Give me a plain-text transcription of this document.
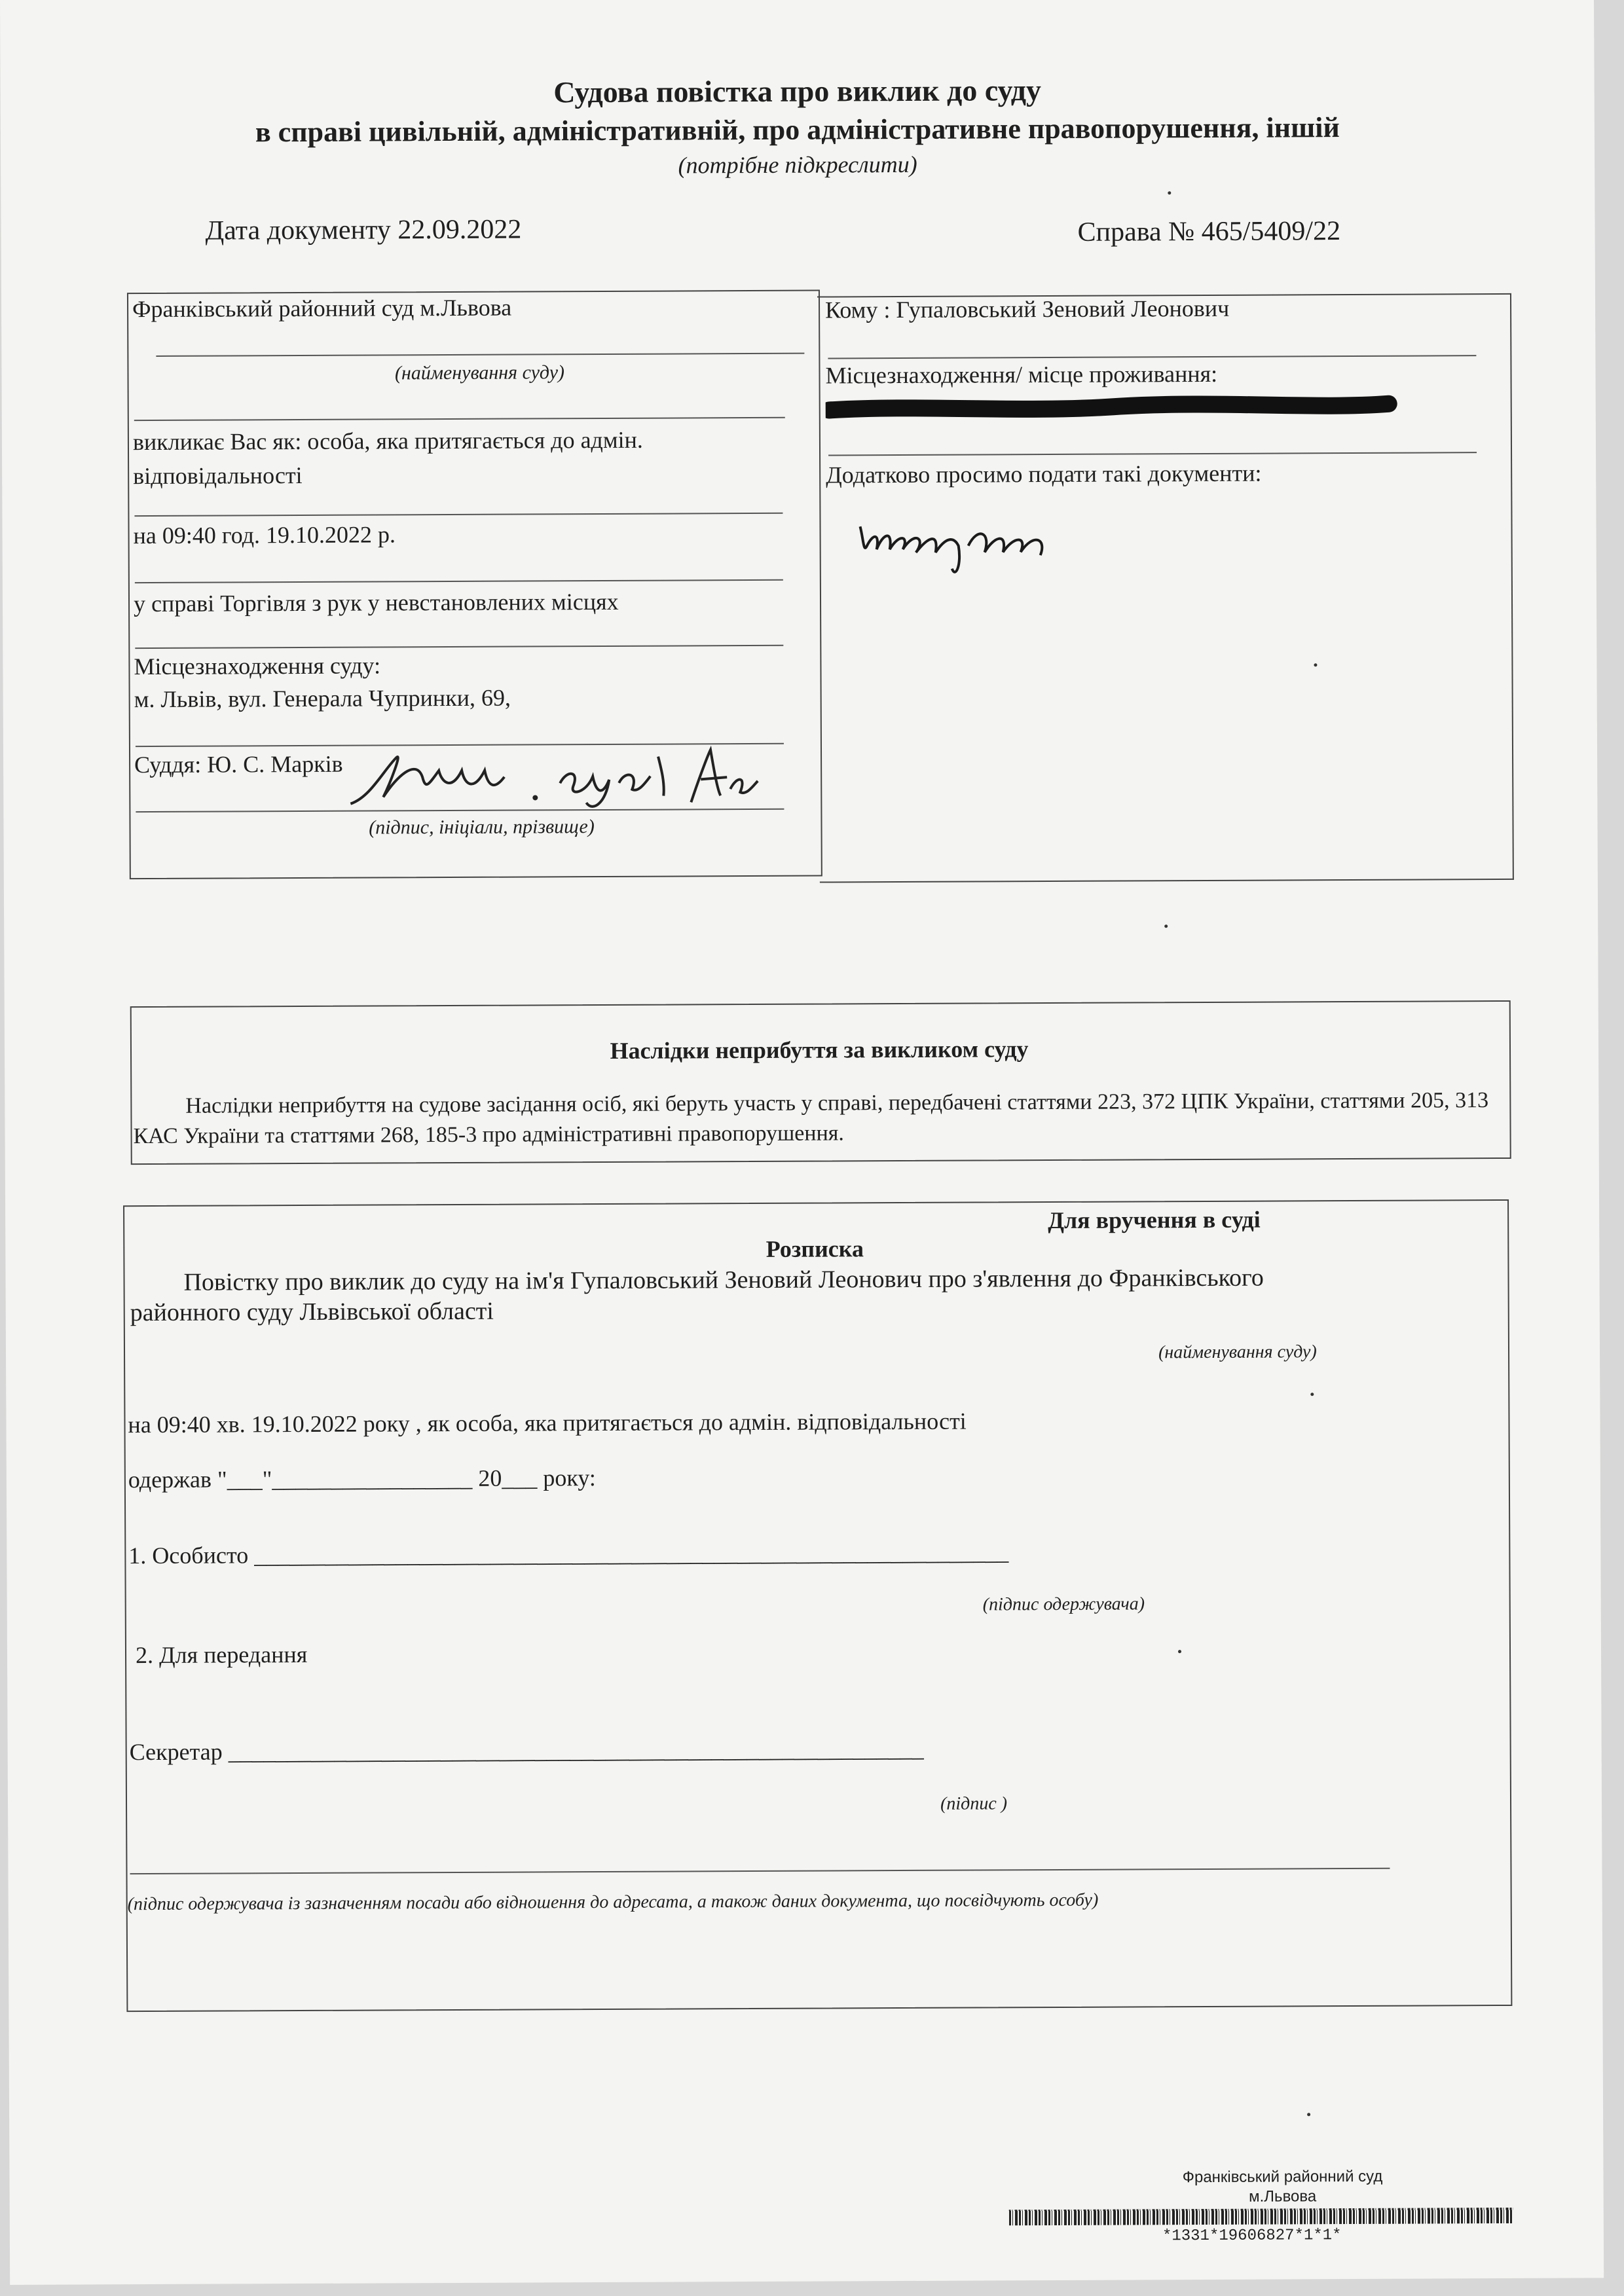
Судова повістка про виклик до суду
в справі цивільній, адміністративній, про адміністративне правопорушення, іншій
(потрібне підкреслити)
Дата документу 22.09.2022	Справа № 465/5409/22
Франківський районний суд м.Львова
(найменування суду)
викликає Вас як: особа, яка притягається до адмін. відповідальності
на 09:40 год. 19.10.2022 р.
у справі Торгівля з рук у невстановлених місцях
Місцезнаходження суду:
м. Львів, вул. Генерала Чупринки, 69,
Суддя: Ю. С. Марків
(підпис, ініціали, прізвище)
Кому : Гупаловський Зеновий Леонович
Місцезнаходження/ місце проживання:
Додатково просимо подати такі документи:
Наслідки неприбуття за викликом суду
Наслідки неприбуття на судове засідання осіб, які беруть участь у справі, передбачені статтями 223, 372 ЦПК України, статтями 205, 313 КАС України та статтями 268, 185-3 про адміністративні правопорушення.
Для вручення в суді
Розписка
Повістку про виклик до суду на ім'я Гупаловський Зеновий Леонович про з'явлення до Франківського
районного суду Львівської області
(найменування суду)
на 09:40 хв. 19.10.2022 року , як особа, яка притягається до адмін. відповідальності
одержав "___"_________________ 20___ року:
1. Особисто ________________________________________________________________
(підпис одержувача)
2. Для передання
Секретар ___________________________________________________________
(підпис )
(підпис одержувача із зазначенням посади або відношення до адресата, а також даних документа, що посвідчують особу)
Франківський районний суд
м.Львова
*1331*19606827*1*1*
